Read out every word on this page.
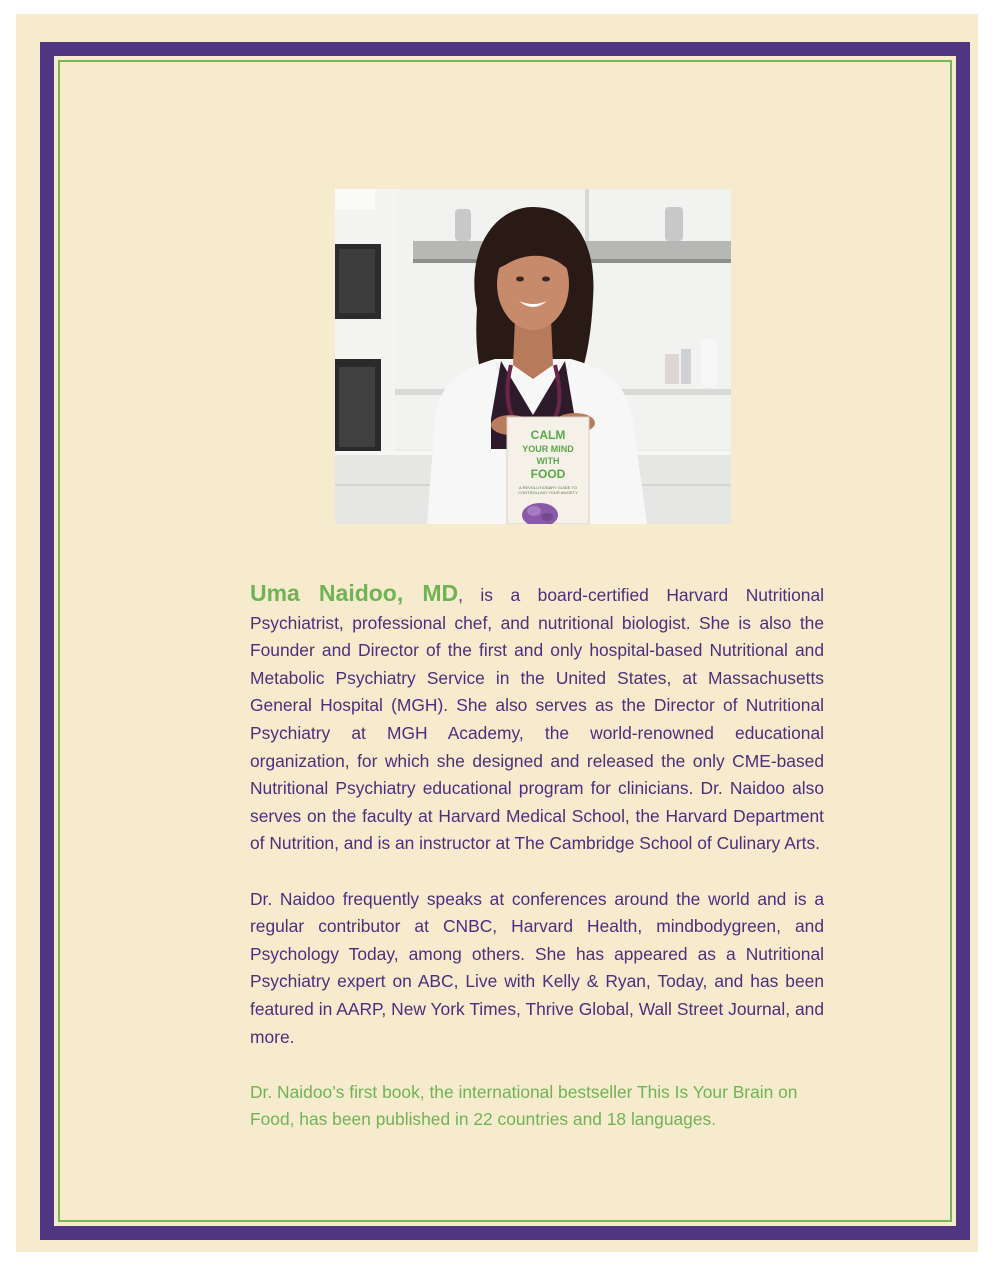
CALM
YOUR MIND
WITH
FOOD
A REVOLUTIONARY GUIDE TO
CONTROLLING YOUR ANXIETY

Uma Naidoo, MD, is a board-certified Harvard Nutritional Psychiatrist, professional chef, and nutritional biologist. She is also the Founder and Director of the first and only hospital-based Nutritional and Metabolic Psychiatry Service in the United States, at Massachusetts General Hospital (MGH). She also serves as the Director of Nutritional Psychiatry at MGH Academy, the world-renowned educational organization, for which she designed and released the only CME-based Nutritional Psychiatry educational program for clinicians. Dr. Naidoo also serves on the faculty at Harvard Medical School, the Harvard Department of Nutrition, and is an instructor at The Cambridge School of Culinary Arts.

Dr. Naidoo frequently speaks at conferences around the world and is a regular contributor at CNBC, Harvard Health, mindbodygreen, and Psychology Today, among others. She has appeared as a Nutritional Psychiatry expert on ABC, Live with Kelly & Ryan, Today, and has been featured in AARP, New York Times, Thrive Global, Wall Street Journal, and more.

Dr. Naidoo’s first book, the international bestseller This Is Your Brain on Food, has been published in 22 countries and 18 languages.
